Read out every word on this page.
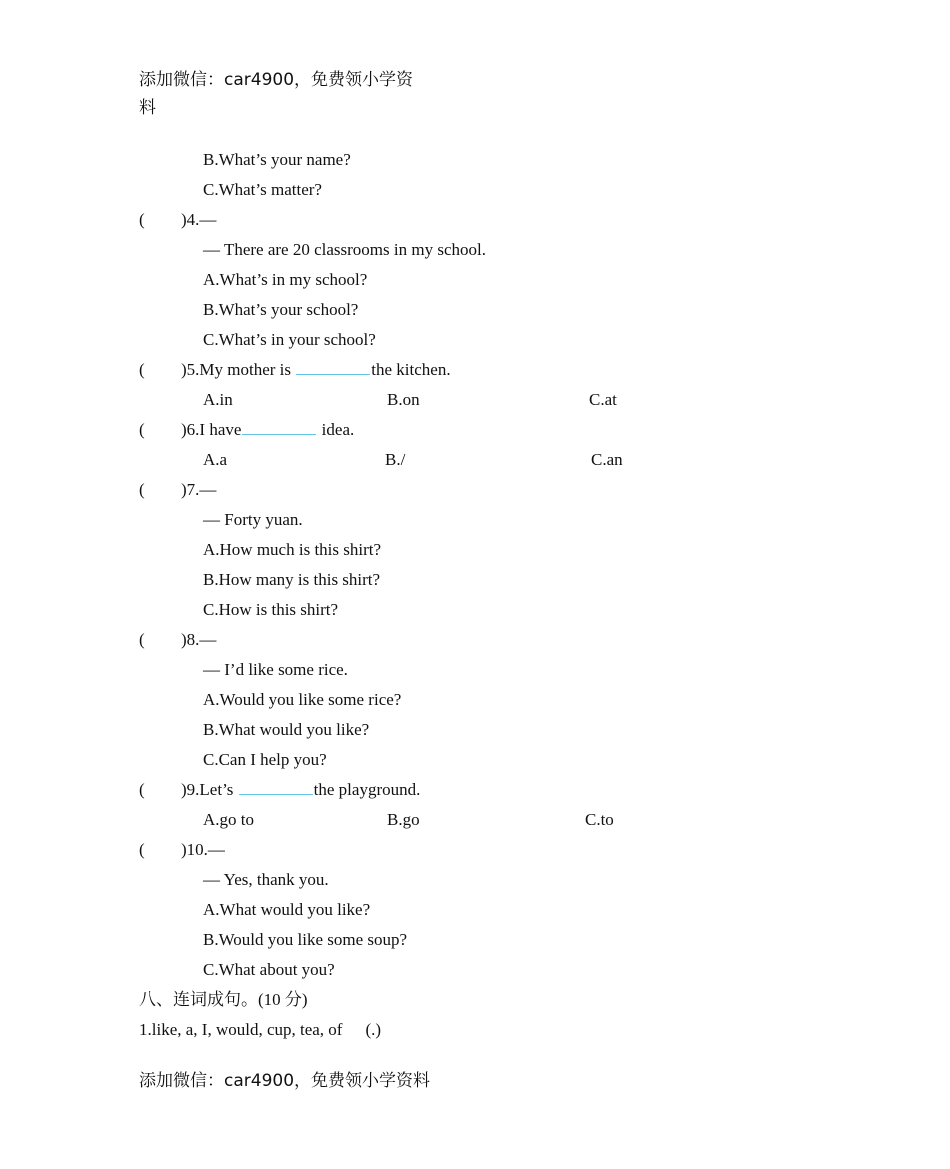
添加微信：car4900，免费领小学资
料
B.What’s your name?
C.What’s matter?
( )4.—
— There are 20 classrooms in my school.
A.What’s in my school?
B.What’s your school?
C.What’s in your school?
( )5.My mother is	the kitchen.
A.in	B.on	C.at
( )6.I have	idea.
A.a	B./	C.an
( )7.—
— Forty yuan.
A.How much is this shirt?
B.How many is this shirt?
C.How is this shirt?
( )8.—
— I’d like some rice.
A.Would you like some rice?
B.What would you like?
C.Can I help you?
( )9.Let’s	the playground.
A.go to	B.go	C.to
( )10.—
— Yes, thank you.
A.What would you like?
B.Would you like some soup?
C.What about you?
八、连词成句。(10 分)
1.like, a, I, would, cup, tea, of (.)
添加微信：car4900，免费领小学资料
